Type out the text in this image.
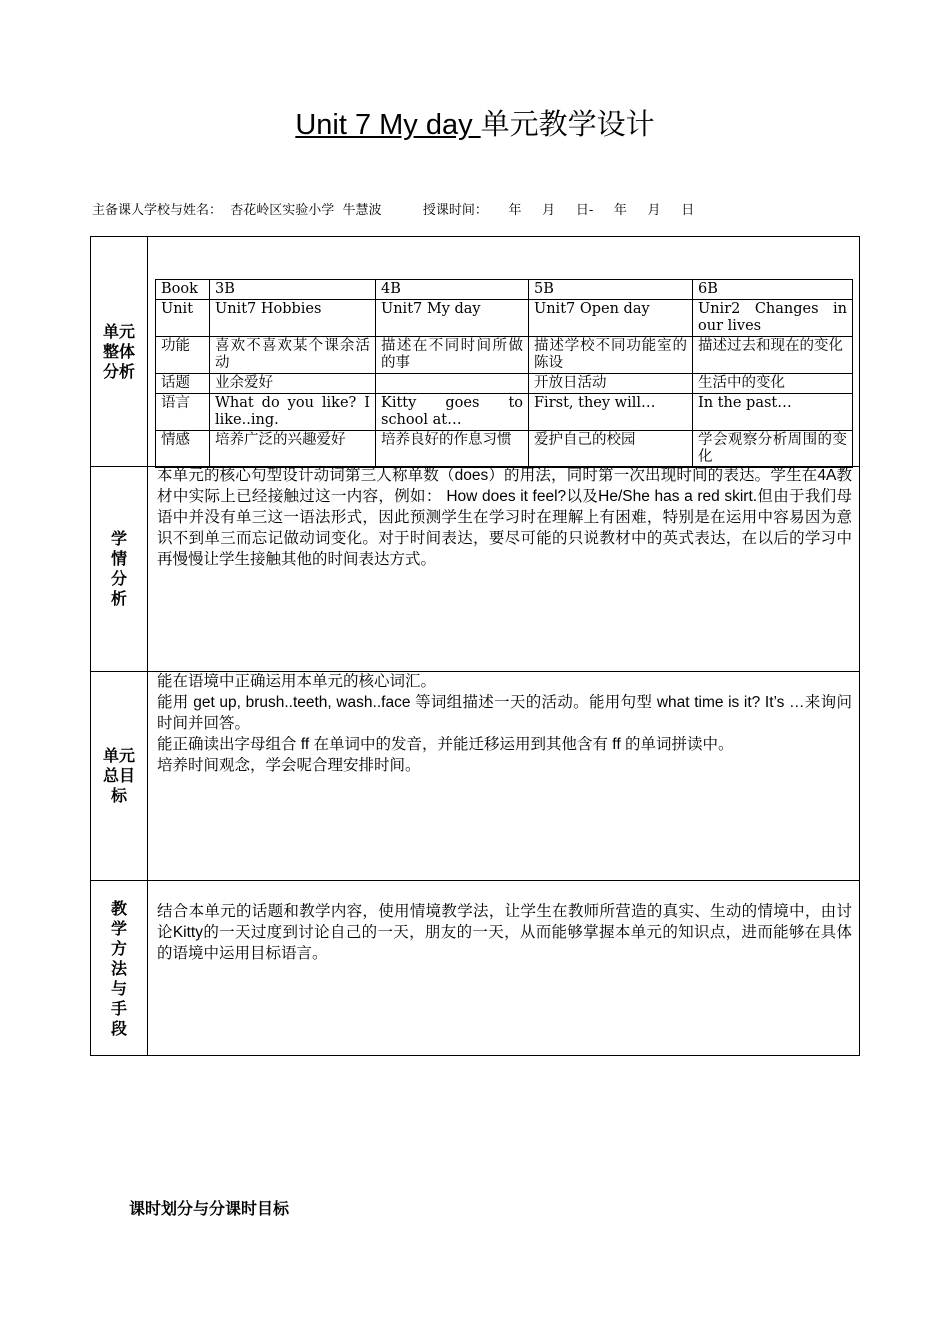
Unit 7 My day 单元教学设计
主备课人学校与姓名：  杏花岭区实验小学  牛慧波          授课时间：     年     月     日-     年     月     日
单元整体分析
Book	3B	4B	5B	6B
Unit	Unit7 Hobbies	Unit7 My day	Unit7 Open day	Unir2 Changes in our lives
功能	喜欢不喜欢某个课余活动	描述在不同时间所做的事	描述学校不同功能室的陈设	描述过去和现在的变化
话题	业余爱好		开放日活动	生活中的变化
语言	What do you like? I like..ing.	Kitty goes to school at…	First, they will…	In the past…
情感	培养广泛的兴趣爱好	培养良好的作息习惯	爱护自己的校园	学会观察分析周围的变化
学情分析

本单元的核心句型设计动词第三人称单数（does）的用法，同时第一次出现时间的表达。学生在4A教材中实际上已经接触过这一内容，例如： How does it feel?以及He/She has a red skirt.但由于我们母语中并没有单三这一语法形式，因此预测学生在学习时在理解上有困难，特别是在运用中容易因为意识不到单三而忘记做动词变化。对于时间表达，要尽可能的只说教材中的英式表达，在以后的学习中再慢慢让学生接触其他的时间表达方式。

单元总目标

能在语境中正确运用本单元的核心词汇。

能用 get up, brush..teeth, wash..face 等词组描述一天的活动。能用句型 what time is it? It’s …来询问时间并回答。

能正确读出字母组合 ff 在单词中的发音，并能迁移运用到其他含有 ff 的单词拼读中。

培养时间观念，学会呢合理安排时间。

教学方法与手段

结合本单元的话题和教学内容，使用情境教学法，让学生在教师所营造的真实、生动的情境中，由讨论Kitty的一天过度到讨论自己的一天，朋友的一天，从而能够掌握本单元的知识点，进而能够在具体的语境中运用目标语言。

课时划分与分课时目标
